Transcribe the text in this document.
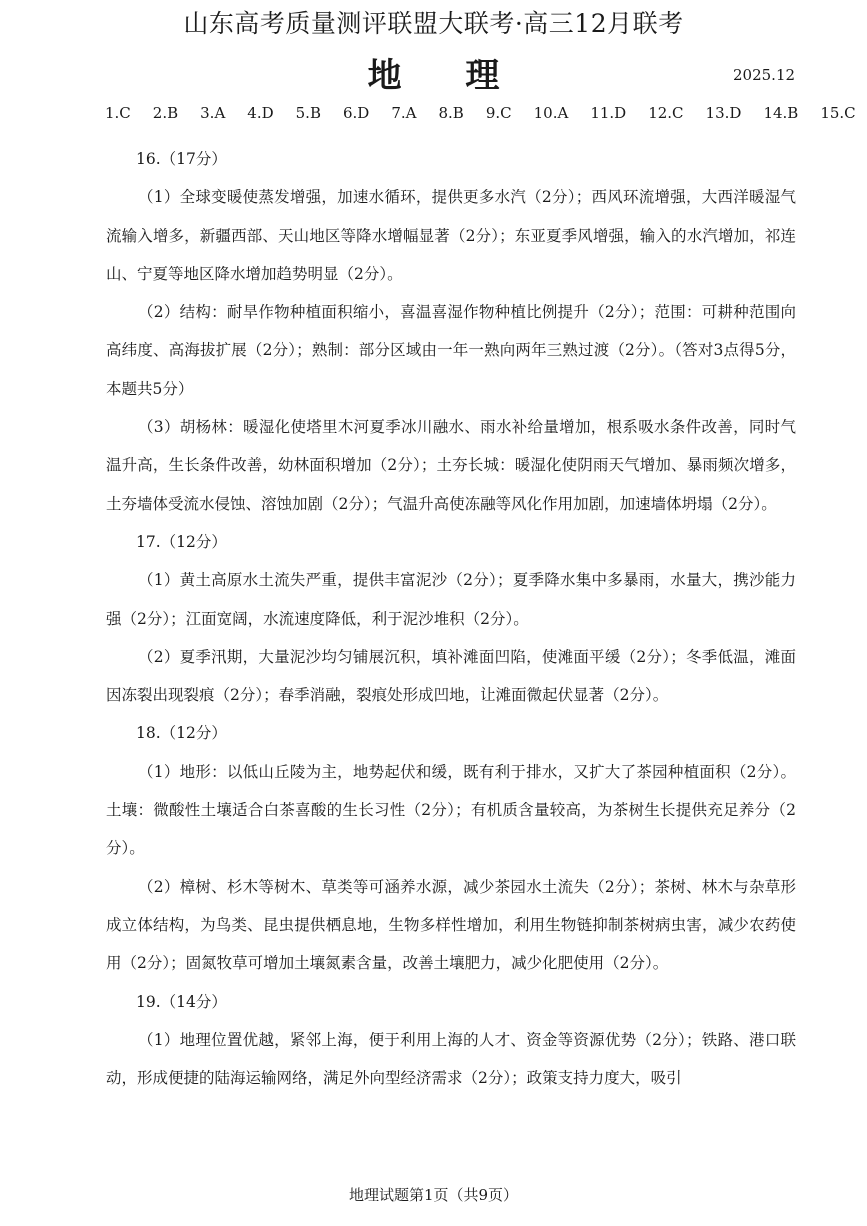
山东高考质量测评联盟大联考·高三12月联考
地 理	2025.12
1.C 2.B 3.A 4.D 5.B 6.D 7.A 8.B 9.C 10.A 11.D 12.C 13.D 14.B 15.C

16.（17分）

（1）全球变暖使蒸发增强，加速水循环，提供更多水汽（2分）；西风环流增强，大西洋暖湿气流输入增多，新疆西部、天山地区等降水增幅显著（2分）；东亚夏季风增强，输入的水汽增加，祁连山、宁夏等地区降水增加趋势明显（2分）。

（2）结构：耐旱作物种植面积缩小，喜温喜湿作物种植比例提升（2分）；范围：可耕种范围向高纬度、高海拔扩展（2分）；熟制：部分区域由一年一熟向两年三熟过渡（2分）。（答对3点得5分，本题共5分）

（3）胡杨林：暖湿化使塔里木河夏季冰川融水、雨水补给量增加，根系吸水条件改善，同时气温升高，生长条件改善，幼林面积增加（2分）；土夯长城：暖湿化使阴雨天气增加、暴雨频次增多，土夯墙体受流水侵蚀、溶蚀加剧（2分）；气温升高使冻融等风化作用加剧，加速墙体坍塌（2分）。

17.（12分）

（1）黄土高原水土流失严重，提供丰富泥沙（2分）；夏季降水集中多暴雨，水量大，携沙能力强（2分）；江面宽阔，水流速度降低，利于泥沙堆积（2分）。

（2）夏季汛期，大量泥沙均匀铺展沉积，填补滩面凹陷，使滩面平缓（2分）；冬季低温，滩面因冻裂出现裂痕（2分）；春季消融，裂痕处形成凹地，让滩面微起伏显著（2分）。

18.（12分）

（1）地形：以低山丘陵为主，地势起伏和缓，既有利于排水，又扩大了茶园种植面积（2分）。土壤：微酸性土壤适合白茶喜酸的生长习性（2分）；有机质含量较高，为茶树生长提供充足养分（2分）。

（2）樟树、杉木等树木、草类等可涵养水源，减少茶园水土流失（2分）；茶树、林木与杂草形成立体结构，为鸟类、昆虫提供栖息地，生物多样性增加，利用生物链抑制茶树病虫害，减少农药使用（2分）；固氮牧草可增加土壤氮素含量，改善土壤肥力，减少化肥使用（2分）。

19.（14分）

（1）地理位置优越，紧邻上海，便于利用上海的人才、资金等资源优势（2分）；铁路、港口联动，形成便捷的陆海运输网络，满足外向型经济需求（2分）；政策支持力度大，吸引

地理试题第1页（共9页）
